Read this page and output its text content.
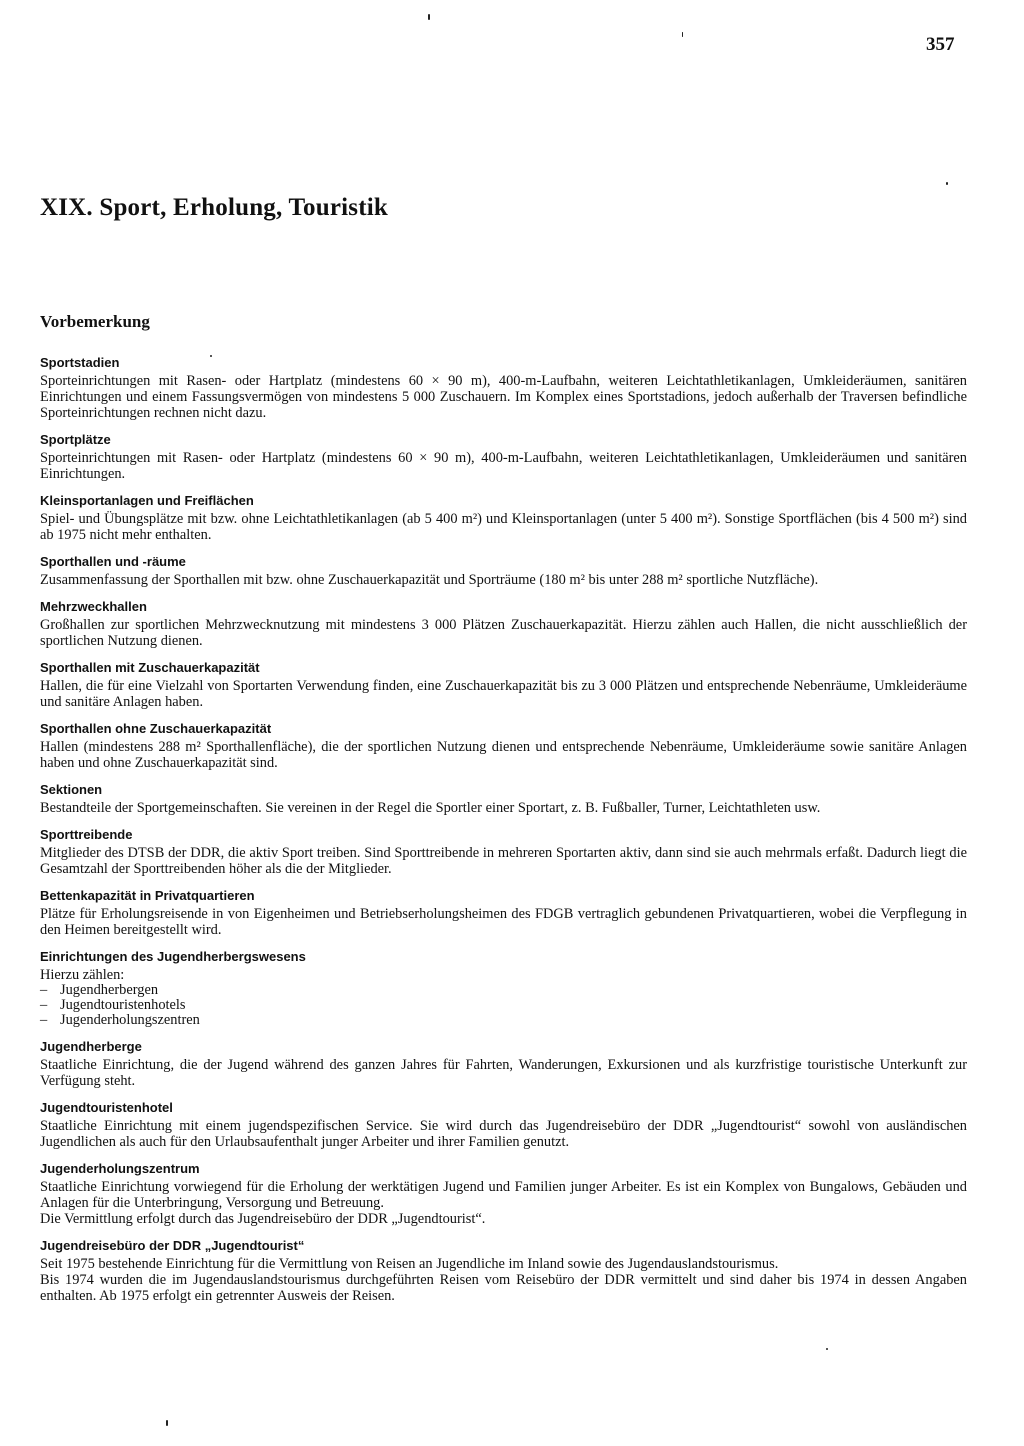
357
XIX. Sport, Erholung, Touristik
Vorbemerkung
Sportstadien

Sporteinrichtungen mit Rasen- oder Hartplatz (mindestens 60 × 90 m), 400-m-Laufbahn, weiteren Leichtathletikanlagen, Umkleideräumen, sanitären Einrichtungen und einem Fassungsvermögen von mindestens 5 000 Zuschauern. Im Komplex eines Sportstadions, jedoch außerhalb der Traversen befindliche Sporteinrichtungen rechnen nicht dazu.

Sportplätze

Sporteinrichtungen mit Rasen- oder Hartplatz (mindestens 60 × 90 m), 400-m-Laufbahn, weiteren Leichtathletikanlagen, Umkleideräumen und sanitären Einrichtungen.

Kleinsportanlagen und Freiflächen

Spiel- und Übungsplätze mit bzw. ohne Leichtathletikanlagen (ab 5 400 m²) und Kleinsportanlagen (unter 5 400 m²). Sonstige Sportflächen (bis 4 500 m²) sind ab 1975 nicht mehr enthalten.

Sporthallen und -räume

Zusammenfassung der Sporthallen mit bzw. ohne Zuschauerkapazität und Sporträume (180 m² bis unter 288 m² sportliche Nutzfläche).

Mehrzweckhallen

Großhallen zur sportlichen Mehrzwecknutzung mit mindestens 3 000 Plätzen Zuschauerkapazität. Hierzu zählen auch Hallen, die nicht ausschließlich der sportlichen Nutzung dienen.

Sporthallen mit Zuschauerkapazität

Hallen, die für eine Vielzahl von Sportarten Verwendung finden, eine Zuschauerkapazität bis zu 3 000 Plätzen und entsprechende Nebenräume, Umkleideräume und sanitäre Anlagen haben.

Sporthallen ohne Zuschauerkapazität

Hallen (mindestens 288 m² Sporthallenfläche), die der sportlichen Nutzung dienen und entsprechende Nebenräume, Umkleideräume sowie sanitäre Anlagen haben und ohne Zuschauerkapazität sind.

Sektionen

Bestandteile der Sportgemeinschaften. Sie vereinen in der Regel die Sportler einer Sportart, z. B. Fußballer, Turner, Leichtathleten usw.

Sporttreibende

Mitglieder des DTSB der DDR, die aktiv Sport treiben. Sind Sporttreibende in mehreren Sportarten aktiv, dann sind sie auch mehrmals erfaßt. Dadurch liegt die Gesamtzahl der Sporttreibenden höher als die der Mitglieder.

Bettenkapazität in Privatquartieren

Plätze für Erholungsreisende in von Eigenheimen und Betriebserholungsheimen des FDGB vertraglich gebundenen Privatquartieren, wobei die Verpflegung in den Heimen bereitgestellt wird.

Einrichtungen des Jugendherbergswesens

Hierzu zählen:

– Jugendherbergen
– Jugendtouristenhotels
– Jugenderholungszentren
Jugendherberge

Staatliche Einrichtung, die der Jugend während des ganzen Jahres für Fahrten, Wanderungen, Exkursionen und als kurzfristige touristische Unterkunft zur Verfügung steht.

Jugendtouristenhotel

Staatliche Einrichtung mit einem jugendspezifischen Service. Sie wird durch das Jugendreisebüro der DDR „Jugendtourist“ sowohl von ausländischen Jugendlichen als auch für den Urlaubsaufenthalt junger Arbeiter und ihrer Familien genutzt.

Jugenderholungszentrum

Staatliche Einrichtung vorwiegend für die Erholung der werktätigen Jugend und Familien junger Arbeiter. Es ist ein Komplex von Bungalows, Gebäuden und Anlagen für die Unterbringung, Versorgung und Betreuung.

Die Vermittlung erfolgt durch das Jugendreisebüro der DDR „Jugendtourist“.

Jugendreisebüro der DDR „Jugendtourist“

Seit 1975 bestehende Einrichtung für die Vermittlung von Reisen an Jugendliche im Inland sowie des Jugendauslandstourismus.

Bis 1974 wurden die im Jugendauslandstourismus durchgeführten Reisen vom Reisebüro der DDR vermittelt und sind daher bis 1974 in dessen Angaben enthalten. Ab 1975 erfolgt ein getrennter Ausweis der Reisen.
